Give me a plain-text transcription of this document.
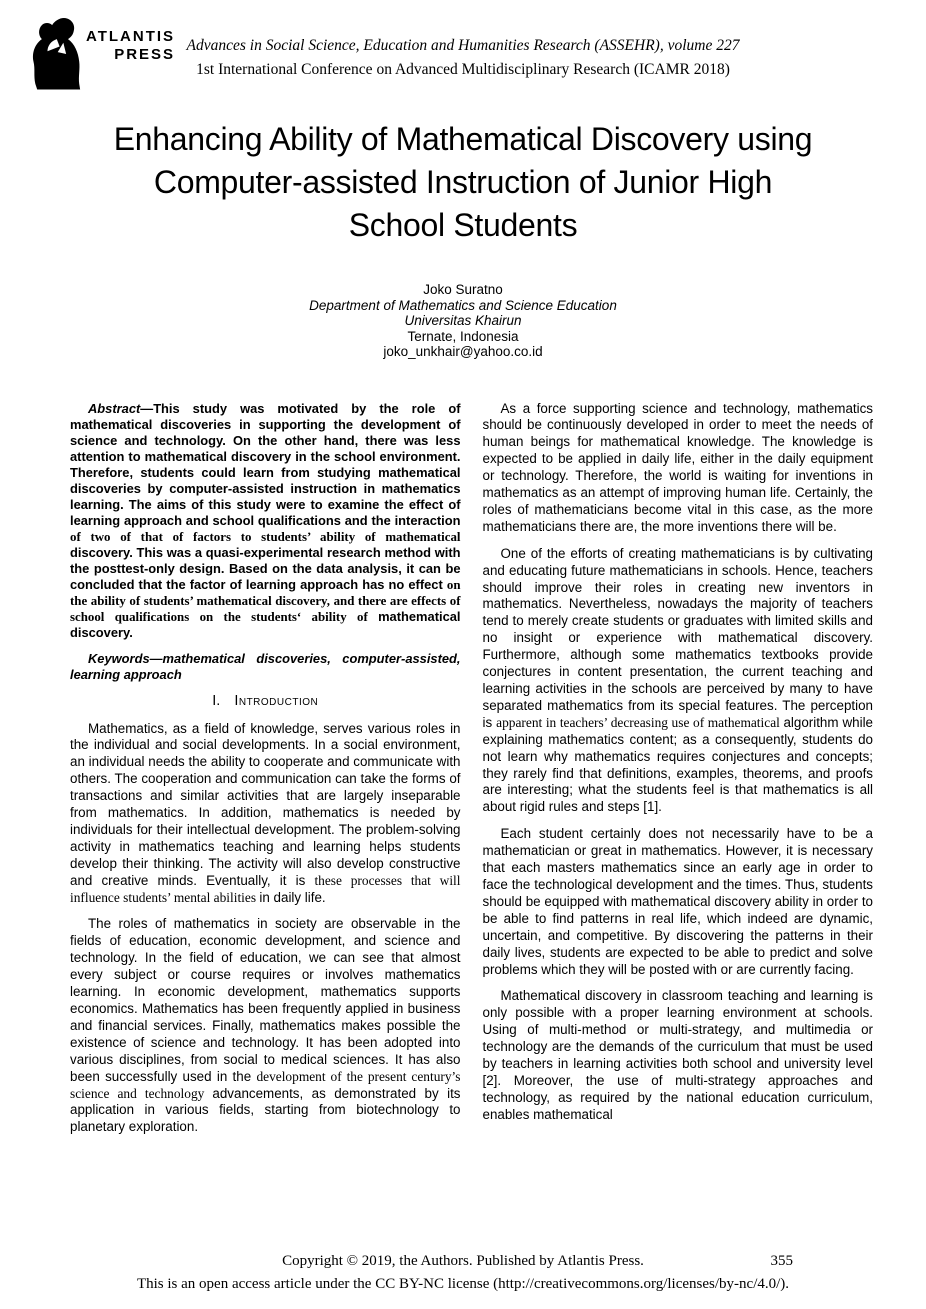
ATLANTIS
PRESS
Advances in Social Science, Education and Humanities Research (ASSEHR), volume 227
1st International Conference on Advanced Multidisciplinary Research (ICAMR 2018)
Enhancing Ability of Mathematical Discovery using
Computer-assisted Instruction of Junior High
School Students
Joko Suratno
Department of Mathematics and Science Education
Universitas Khairun
Ternate, Indonesia
joko_unkhair@yahoo.co.id

Abstract—This study was motivated by the role of mathematical discoveries in supporting the development of science and technology. On the other hand, there was less attention to mathematical discovery in the school environment. Therefore, students could learn from studying mathematical discoveries by computer-assisted instruction in mathematics learning. The aims of this study were to examine the effect of learning approach and school qualifications and the interaction of two of that of factors to students’ ability of mathematical discovery. This was a quasi-experimental research method with the posttest-only design. Based on the data analysis, it can be concluded that the factor of learning approach has no effect on the ability of students’ mathematical discovery, and there are effects of school qualifications on the students‘ ability of mathematical discovery.

Keywords—mathematical discoveries, computer-assisted, learning approach

I. Introduction

Mathematics, as a field of knowledge, serves various roles in the individual and social developments. In a social environment, an individual needs the ability to cooperate and communicate with others. The cooperation and communication can take the forms of transactions and similar activities that are largely inseparable from mathematics. In addition, mathematics is needed by individuals for their intellectual development. The problem-solving activity in mathematics teaching and learning helps students develop their thinking. The activity will also develop constructive and creative minds. Eventually, it is these processes that will influence students’ mental abilities in daily life.

The roles of mathematics in society are observable in the fields of education, economic development, and science and technology. In the field of education, we can see that almost every subject or course requires or involves mathematics learning. In economic development, mathematics supports economics. Mathematics has been frequently applied in business and financial services. Finally, mathematics makes possible the existence of science and technology. It has been adopted into various disciplines, from social to medical sciences. It has also been successfully used in the development of the present century’s science and technology advancements, as demonstrated by its application in various fields, starting from biotechnology to planetary exploration.

As a force supporting science and technology, mathematics should be continuously developed in order to meet the needs of human beings for mathematical knowledge. The knowledge is expected to be applied in daily life, either in the daily equipment or technology. Therefore, the world is waiting for inventions in mathematics as an attempt of improving human life. Certainly, the roles of mathematicians become vital in this case, as the more mathematicians there are, the more inventions there will be.

One of the efforts of creating mathematicians is by cultivating and educating future mathematicians in schools. Hence, teachers should improve their roles in creating new inventors in mathematics. Nevertheless, nowadays the majority of teachers tend to merely create students or graduates with limited skills and no insight or experience with mathematical discovery. Furthermore, although some mathematics textbooks provide conjectures in content presentation, the current teaching and learning activities in the schools are perceived by many to have separated mathematics from its special features. The perception is apparent in teachers’ decreasing use of mathematical algorithm while explaining mathematics content; as a consequently, students do not learn why mathematics requires conjectures and concepts; they rarely find that definitions, examples, theorems, and proofs are interesting; what the students feel is that mathematics is all about rigid rules and steps [1].

Each student certainly does not necessarily have to be a mathematician or great in mathematics. However, it is necessary that each masters mathematics since an early age in order to face the technological development and the times. Thus, students should be equipped with mathematical discovery ability in order to be able to find patterns in real life, which indeed are dynamic, uncertain, and competitive. By discovering the patterns in their daily lives, students are expected to be able to predict and solve problems which they will be posted with or are currently facing.

Mathematical discovery in classroom teaching and learning is only possible with a proper learning environment at schools. Using of multi-method or multi-strategy, and multimedia or technology are the demands of the curriculum that must be used by teachers in learning activities both school and university level [2]. Moreover, the use of multi-strategy approaches and technology, as required by the national education curriculum, enables mathematical

Copyright © 2019, the Authors. Published by Atlantis Press.
This is an open access article under the CC BY-NC license (http://creativecommons.org/licenses/by-nc/4.0/).
355
